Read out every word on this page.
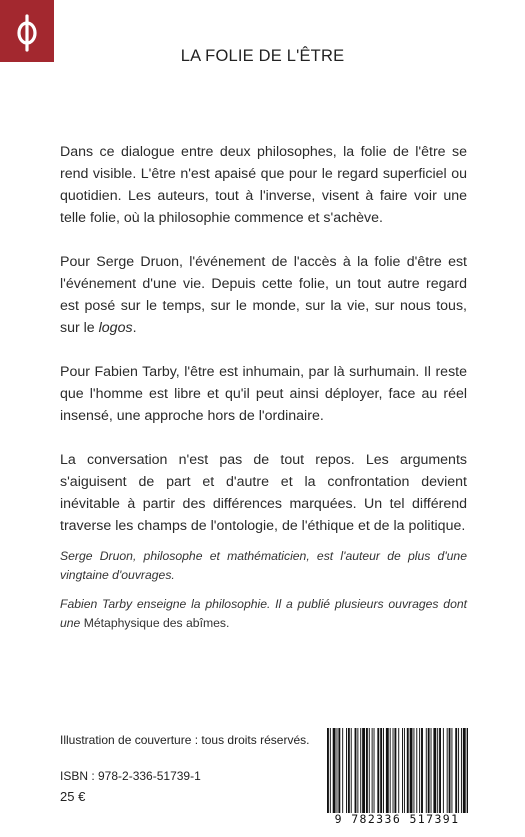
LA FOLIE DE L'ÊTRE

Dans ce dialogue entre deux philosophes, la folie de l'être se rend visible. L'être n'est apaisé que pour le regard superficiel ou quotidien. Les auteurs, tout à l'inverse, visent à faire voir une telle folie, où la philosophie commence et s'achève.

Pour Serge Druon, l'événement de l'accès à la folie d'être est l'événement d'une vie. Depuis cette folie, un tout autre regard est posé sur le temps, sur le monde, sur la vie, sur nous tous, sur le logos.

Pour Fabien Tarby, l'être est inhumain, par là surhumain. Il reste que l'homme est libre et qu'il peut ainsi déployer, face au réel insensé, une approche hors de l'ordinaire.

La conversation n'est pas de tout repos. Les arguments s'aiguisent de part et d'autre et la confrontation devient inévitable à partir des différences marquées. Un tel différend traverse les champs de l'ontologie, de l'éthique et de la politique.

Serge Druon, philosophe et mathématicien, est l'auteur de plus d'une vingtaine d'ouvrages.

Fabien Tarby enseigne la philosophie. Il a publié plusieurs ouvrages dont une Métaphysique des abîmes.

Illustration de couverture : tous droits réservés.
ISBN : 978-2-336-51739-1
25 €
9 782336 517391
